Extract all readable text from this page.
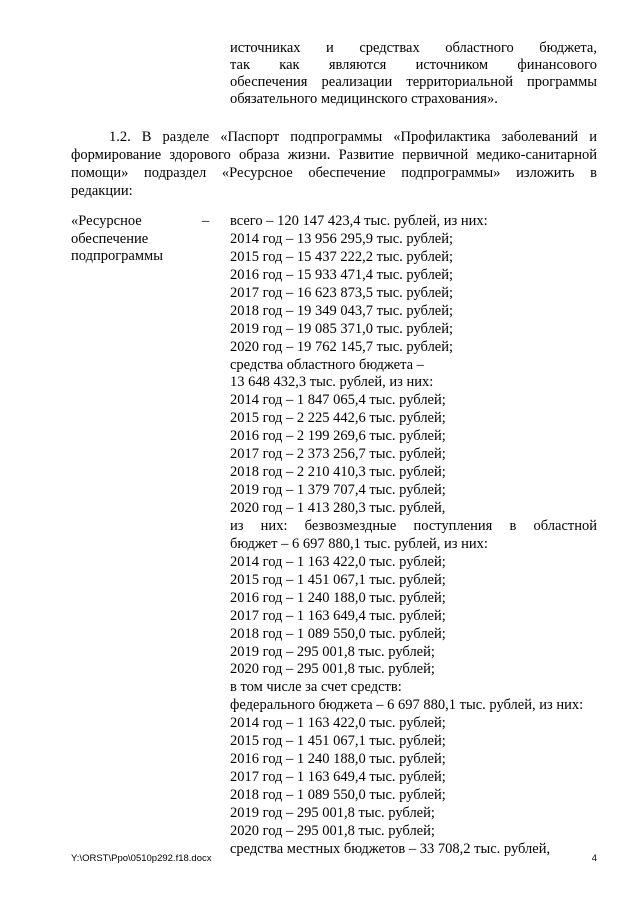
источниках и средствах областного бюджета,
так как являются источником финансового
обеспечения реализации территориальной программы
обязательного медицинского страхования».
1.2. В разделе «Паспорт подпрограммы «Профилактика заболеваний и
формирование здорового образа жизни. Развитие первичной медико-санитарной
помощи» подраздел «Ресурсное обеспечение подпрограммы» изложить в
редакции:
«Ресурсное
обеспечение
подпрограммы
– всего – 120 147 423,4 тыс. рублей, из них:
2014 год – 13 956 295,9 тыс. рублей;
2015 год – 15 437 222,2 тыс. рублей;
2016 год – 15 933 471,4 тыс. рублей;
2017 год – 16 623 873,5 тыс. рублей;
2018 год – 19 349 043,7 тыс. рублей;
2019 год – 19 085 371,0 тыс. рублей;
2020 год – 19 762 145,7 тыс. рублей;
средства областного бюджета –
13 648 432,3 тыс. рублей, из них:
2014 год – 1 847 065,4 тыс. рублей;
2015 год – 2 225 442,6 тыс. рублей;
2016 год – 2 199 269,6 тыс. рублей;
2017 год – 2 373 256,7 тыс. рублей;
2018 год – 2 210 410,3 тыс. рублей;
2019 год – 1 379 707,4 тыс. рублей;
2020 год – 1 413 280,3 тыс. рублей,
из них: безвозмездные поступления в областной
бюджет – 6 697 880,1 тыс. рублей, из них:
2014 год – 1 163 422,0 тыс. рублей;
2015 год – 1 451 067,1 тыс. рублей;
2016 год – 1 240 188,0 тыс. рублей;
2017 год – 1 163 649,4 тыс. рублей;
2018 год – 1 089 550,0 тыс. рублей;
2019 год – 295 001,8 тыс. рублей;
2020 год – 295 001,8 тыс. рублей;
в том числе за счет средств:
федерального бюджета – 6 697 880,1 тыс. рублей, из них:
2014 год – 1 163 422,0 тыс. рублей;
2015 год – 1 451 067,1 тыс. рублей;
2016 год – 1 240 188,0 тыс. рублей;
2017 год – 1 163 649,4 тыс. рублей;
2018 год – 1 089 550,0 тыс. рублей;
2019 год – 295 001,8 тыс. рублей;
2020 год – 295 001,8 тыс. рублей;
средства местных бюджетов – 33 708,2 тыс. рублей,
Y:\ORST\Ppo\0510p292.f18.docx	4
